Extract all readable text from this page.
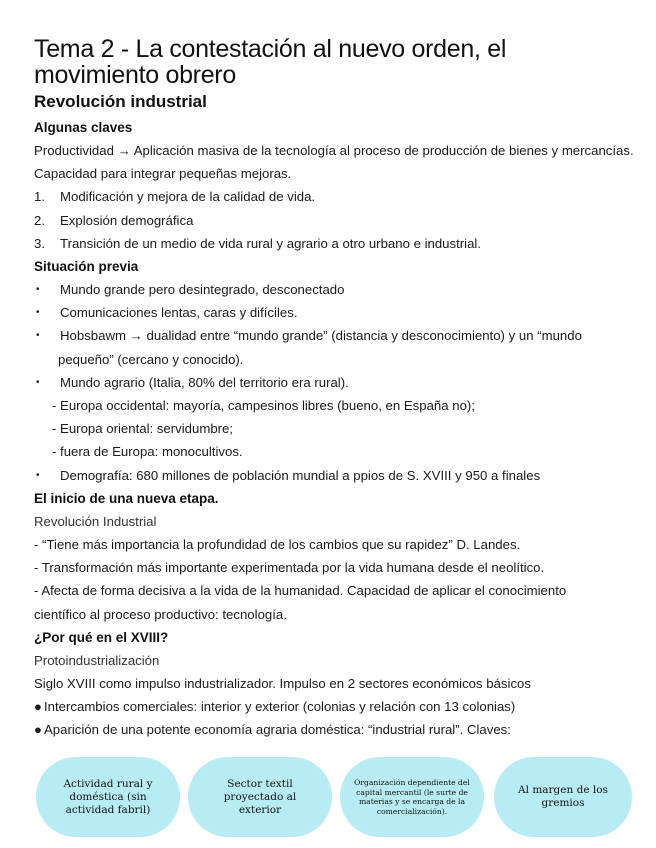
Tema 2 - La contestación al nuevo orden, el movimiento obrero
Revolución industrial
Algunas claves

Productividad → Aplicación masiva de la tecnología al proceso de producción de bienes y mercancías. Capacidad para integrar pequeñas mejoras.

1.	Modificación y mejora de la calidad de vida.
2.	Explosión demográfica
3.	Transición de un medio de vida rural y agrario a otro urbano e industrial.
Situación previa
•	Mundo grande pero desintegrado, desconectado
•	Comunicaciones lentas, caras y difíciles.
•	Hobsbawm → dualidad entre “mundo grande” (distancia y desconocimiento) y un “mundo
pequeño” (cercano y conocido).
•	Mundo agrario (Italia, 80% del territorio era rural).
- Europa occidental: mayoría, campesinos libres (bueno, en España no);
- Europa oriental: servidumbre;
- fuera de Europa: monocultivos.
•	Demografía: 680 millones de población mundial a ppios de S. XVIII y 950 a finales
El inicio de una nueva etapa.

Revolución Industrial

- “Tiene más importancia la profundidad de los cambios que su rapidez” D. Landes.

- Transformación más importante experimentada por la vida humana desde el neolítico.

- Afecta de forma decisiva a la vida de la humanidad. Capacidad de aplicar el conocimiento

científico al proceso productivo: tecnología.

¿Por qué en el XVIII?

Protoindustrialización

Siglo XVIII como impulso industrializador. Impulso en 2 sectores económicos básicos

● Intercambios comerciales: interior y exterior (colonias y relación con 13 colonias)
● Aparición de una potente economía agraria doméstica: “industrial rural”. Claves:
Actividad rural y doméstica (sin actividad fabril)
Sector textil proyectado al exterior
Organización dependiente del capital mercantil (le surte de materias y se encarga de la comercialización).
Al margen de los gremios
